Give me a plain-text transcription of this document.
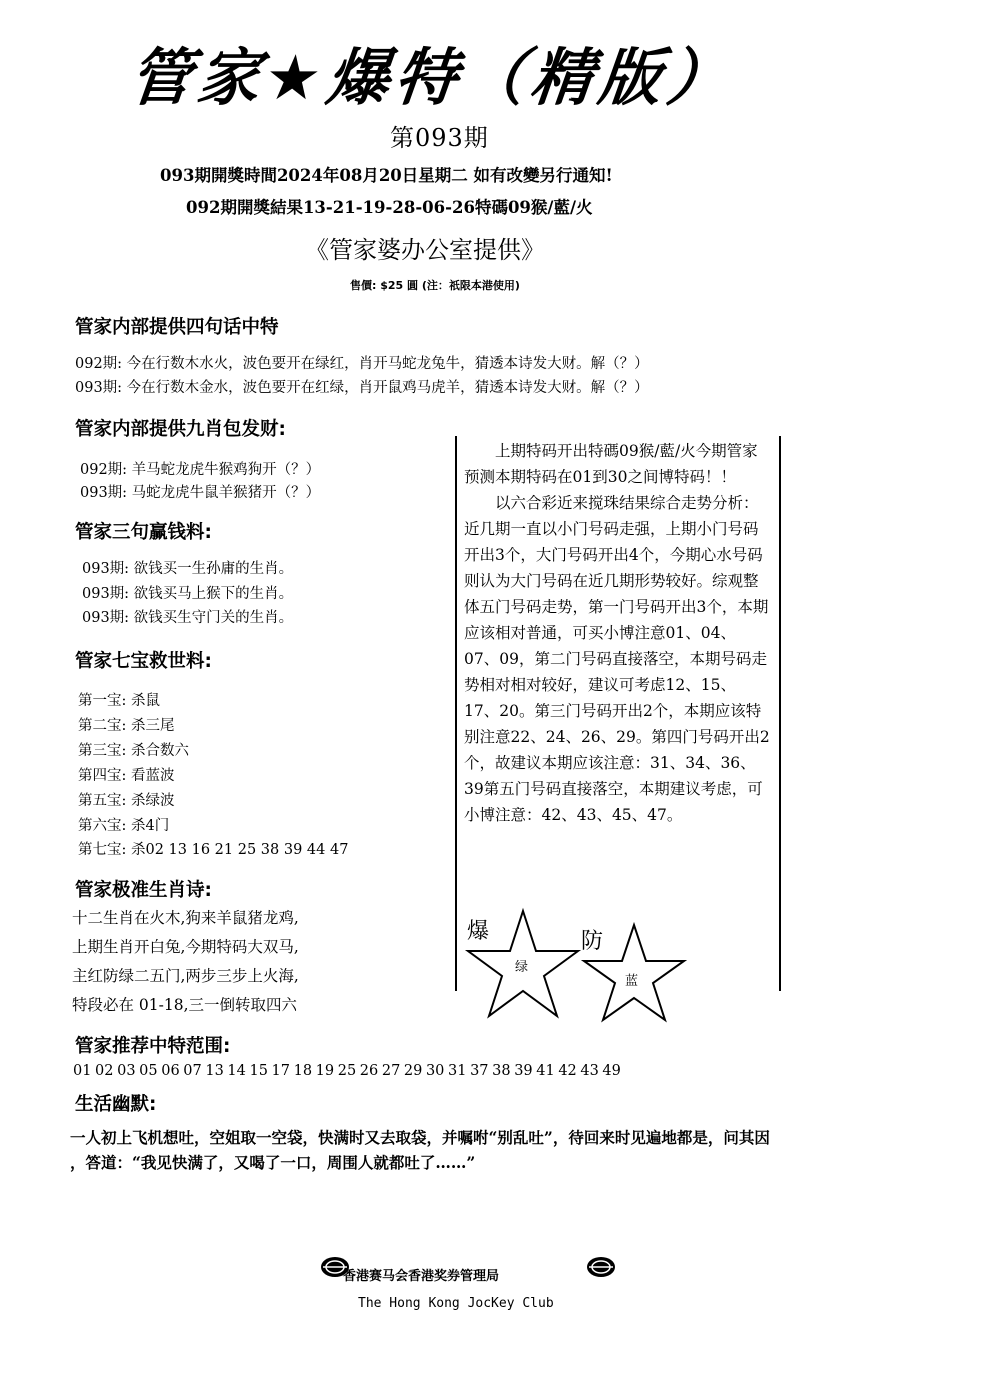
管家★爆特（精版）
第093期
093期開獎時間2024年08月20日星期二 如有改變另行通知!
092期開獎結果13-21-19-28-06-26特碼09猴/藍/火
《管家婆办公室提供》
售價: $25 圓 (注：祇限本港使用)
管家内部提供四句话中特
092期: 今在行数木水火，波色要开在绿红，肖开马蛇龙兔牛，猜透本诗发大财。解（？）
093期: 今在行数木金水，波色要开在红绿，肖开鼠鸡马虎羊，猜透本诗发大财。解（？）
管家内部提供九肖包发财:
092期: 羊马蛇龙虎牛猴鸡狗开（？）
093期: 马蛇龙虎牛鼠羊猴猪开（？）
管家三句赢钱料:
093期: 欲钱买一生孙庸的生肖。
093期: 欲钱买马上猴下的生肖。
093期: 欲钱买生守门关的生肖。
管家七宝救世料:
第一宝: 杀鼠
第二宝: 杀三尾
第三宝: 杀合数六
第四宝: 看蓝波
第五宝: 杀绿波
第六宝: 杀4门
第七宝: 杀02 13 16 21 25 38 39 44 47
管家极准生肖诗:
十二生肖在火木,狗来羊鼠猪龙鸡,
上期生肖开白兔,今期特码大双马,
主红防绿二五门,两步三步上火海,
特段必在 01-18,三一倒转取四六
管家推荐中特范围:
01 02 03 05 06 07 13 14 15 17 18 19 25 26 27 29 30 31 37 38 39 41 42 43 49
生活幽默:
一人初上飞机想吐，空姐取一空袋，快满时又去取袋，并嘱咐“别乱吐”，待回来时见遍地都是，问其因
，答道：“我见快满了，又喝了一口，周围人就都吐了……”

上期特码开出特碼09猴/藍/火今期管家预测本期特码在01到30之间博特码！！

以六合彩近来搅珠结果综合走势分析：近几期一直以小门号码走强，上期小门号码开出3个，大门号码开出4个，今期心水号码则认为大门号码在近几期形势较好。综观整体五门号码走势，第一门号码开出3个，本期应该相对普通，可买小博注意01、04、07、09，第二门号码直接落空，本期号码走势相对相对较好，建议可考虑12、15、17、20。第三门号码开出2个，本期应该特别注意22、24、26、29。第四门号码开出2个，故建议本期应该注意：31、34、36、39第五门号码直接落空，本期建议考虑，可小博注意：42、43、45、47。

爆
绿
防
蓝
香港赛马会香港奖券管理局
The Hong Kong JocKey Club
